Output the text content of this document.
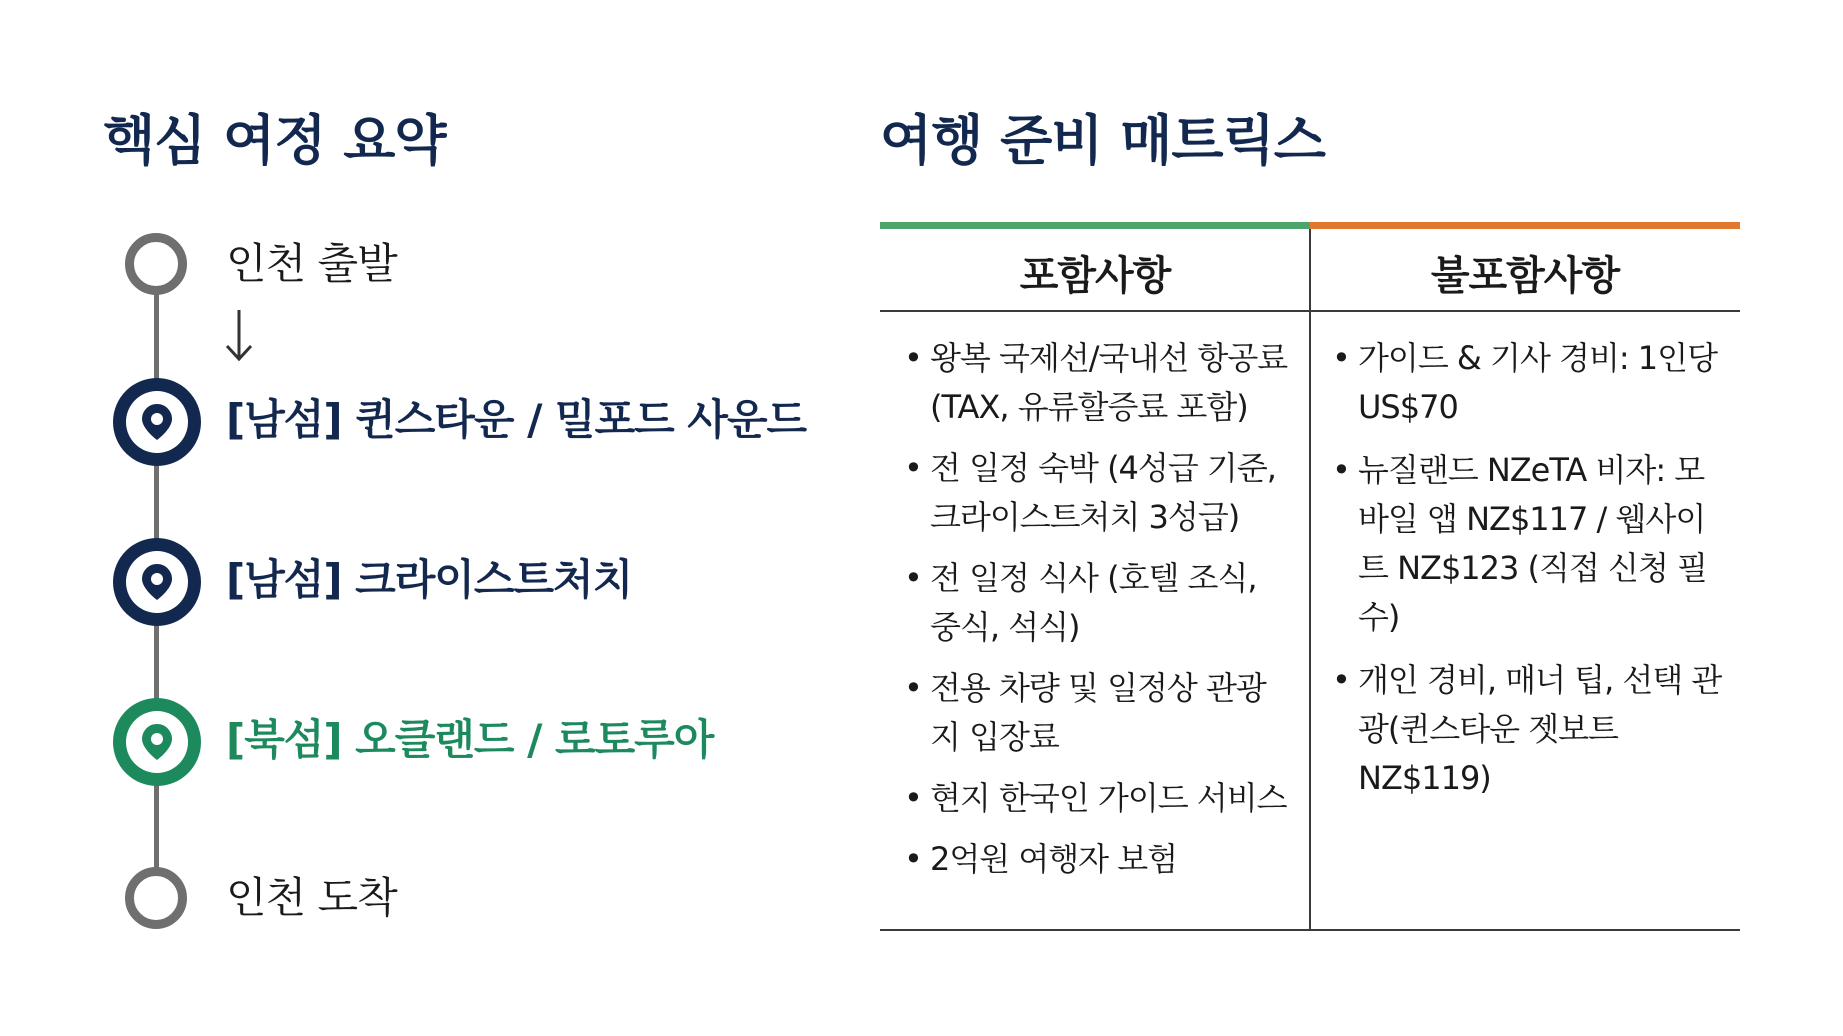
핵심 여정 요약

인천 출발

[남섬] 퀸스타운 / 밀포드 사운드

[남섬] 크라이스트처치

[북섬] 오클랜드 / 로토루아

인천 도착

여행 준비 매트릭스
포함사항	불포함사항
• 왕복 국제선/국내선 항공료 (TAX, 유류할증료 포함)
• 전 일정 숙박 (4성급 기준, 크라이스트처치 3성급)
• 전 일정 식사 (호텔 조식, 중식, 석식)
• 전용 차량 및 일정상 관광지 입장료
• 현지 한국인 가이드 서비스
• 2억원 여행자 보험
• 가이드 & 기사 경비: 1인당 US$70
• 뉴질랜드 NZeTA 비자: 모바일 앱 NZ$117 / 웹사이트 NZ$123 (직접 신청 필수)
• 개인 경비, 매너 팁, 선택 관광(퀸스타운 젯보트 NZ$119)
